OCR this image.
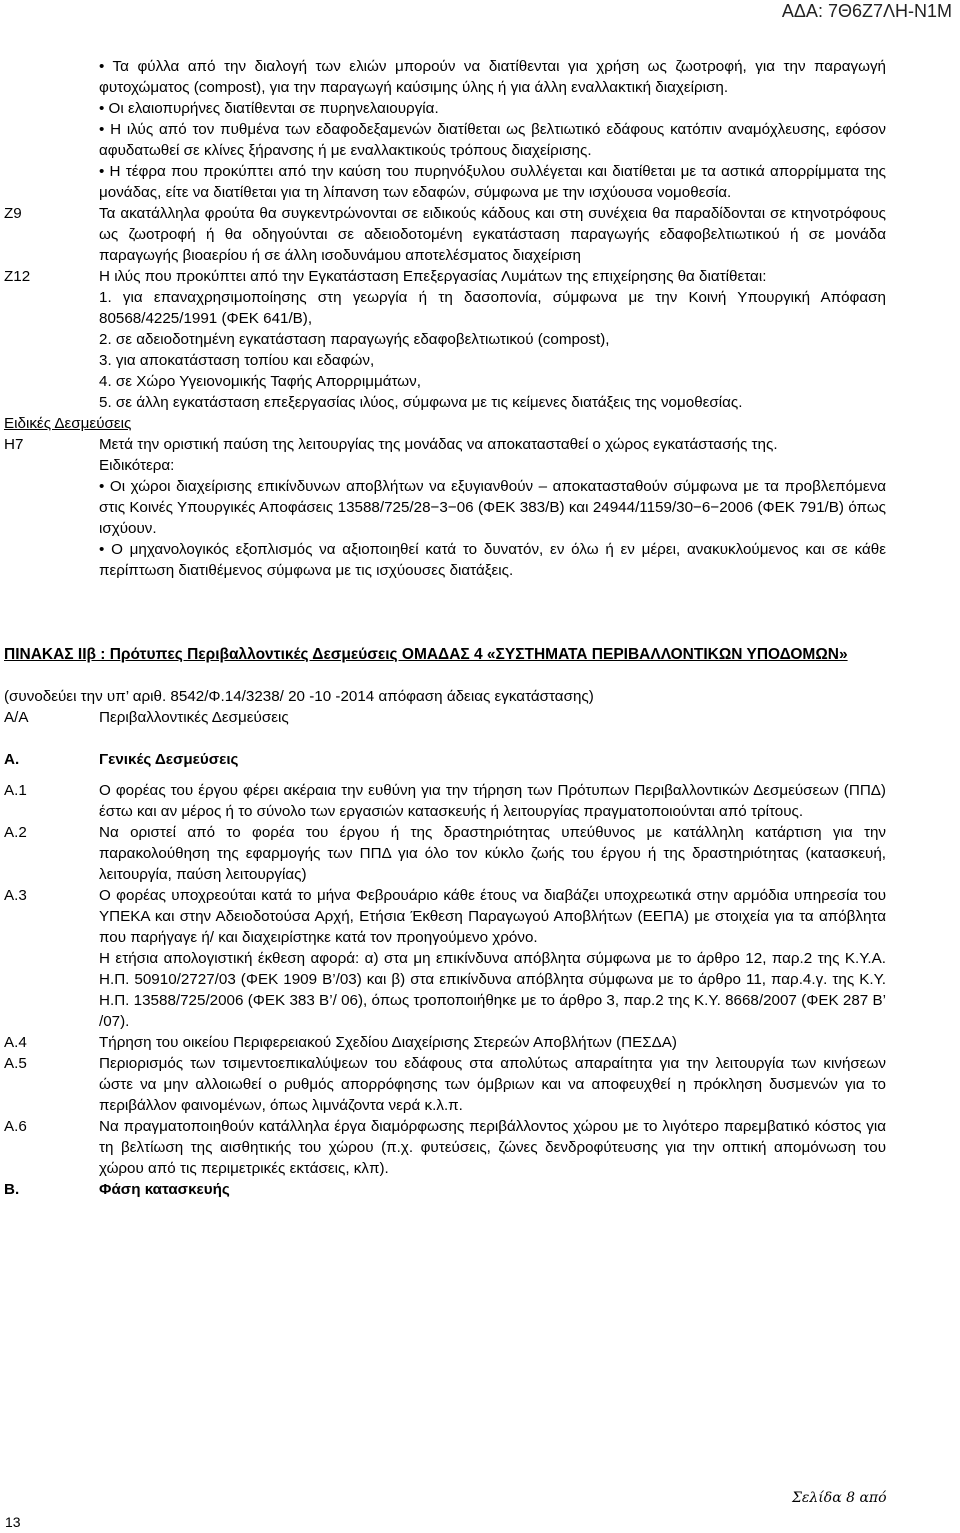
ΑΔΑ: 7Θ6Ζ7ΛΗ-Ν1Μ

• Τα φύλλα από την διαλογή των ελιών μπορούν να διατίθενται για χρήση ως ζωοτροφή, για την παραγωγή φυτοχώματος (compost), για την παραγωγή καύσιμης ύλης ή για άλλη εναλλακτική διαχείριση.

• Οι ελαιοπυρήνες διατίθενται σε πυρηνελαιουργία.

• Η ιλύς από τον πυθμένα των εδαφοδεξαμενών διατίθεται ως βελτιωτικό εδάφους κατόπιν αναμόχλευσης, εφόσον αφυδατωθεί σε κλίνες ξήρανσης ή με εναλλακτικούς τρόπους διαχείρισης.

• Η τέφρα που προκύπτει από την καύση του πυρηνόξυλου συλλέγεται και διατίθεται με τα αστικά απορρίμματα της μονάδας, είτε να διατίθεται για τη λίπανση των εδαφών, σύμφωνα με την ισχύουσα νομοθεσία.

Ζ9	Τα ακατάλληλα φρούτα θα συγκεντρώνονται σε ειδικούς κάδους και στη συνέχεια θα παραδίδονται σε κτηνοτρόφους ως ζωοτροφή ή θα οδηγούνται σε αδειοδοτομένη εγκατάσταση παραγωγής εδαφοβελτιωτικού ή σε μονάδα παραγωγής βιοαερίου ή σε άλλη ισοδυνάμου αποτελέσματος διαχείριση
Ζ12	Η ιλύς που προκύπτει από την Εγκατάσταση Επεξεργασίας Λυμάτων της επιχείρησης θα διατίθεται:

1. για επαναχρησιμοποίησης στη γεωργία ή τη δασοπονία, σύμφωνα με την Κοινή Υπουργική Απόφαση 80568/4225/1991 (ΦΕΚ 641/Β),

2. σε αδειοδοτημένη εγκατάσταση παραγωγής εδαφοβελτιωτικού (compost),

3. για αποκατάσταση τοπίου και εδαφών,

4. σε Χώρο Υγειονομικής Ταφής Απορριμμάτων,

5. σε άλλη εγκατάσταση επεξεργασίας ιλύος, σύμφωνα με τις κείμενες διατάξεις της νομοθεσίας.

Ειδικές Δεσμεύσεις

Η7	Μετά την οριστική παύση της λειτουργίας της μονάδας να αποκατασταθεί ο χώρος εγκατάστασής της.

Ειδικότερα:

• Οι χώροι διαχείρισης επικίνδυνων αποβλήτων να εξυγιανθούν – αποκατασταθούν σύμφωνα με τα προβλεπόμενα στις Κοινές Υπουργικές Αποφάσεις 13588/725/28−3−06 (ΦΕΚ 383/Β) και 24944/1159/30−6−2006 (ΦΕΚ 791/Β) όπως ισχύουν.

• Ο μηχανολογικός εξοπλισμός να αξιοποιηθεί κατά το δυνατόν, εν όλω ή εν μέρει, ανακυκλούμενος και σε κάθε περίπτωση διατιθέμενος σύμφωνα με τις ισχύουσες διατάξεις.

ΠΙΝΑΚΑΣ ΙΙβ : Πρότυπες Περιβαλλοντικές Δεσμεύσεις ΟΜΑΔΑΣ 4 «ΣΥΣΤΗΜΑΤΑ ΠΕΡΙΒΑΛΛΟΝΤΙΚΩΝ ΥΠΟΔΟΜΩΝ»

(συνοδεύει την υπ’ αριθ. 8542/Φ.14/3238/ 20 -10 -2014 απόφαση άδειας εγκατάστασης)

Α/Α	Περιβαλλοντικές Δεσμεύσεις
Α.	Γενικές Δεσμεύσεις
Α.1	Ο φορέας του έργου φέρει ακέραια την ευθύνη για την τήρηση των Πρότυπων Περιβαλλοντικών Δεσμεύσεων (ΠΠΔ) έστω και αν μέρος ή το σύνολο των εργασιών κατασκευής ή λειτουργίας πραγματοποιούνται από τρίτους.
Α.2	Να οριστεί από το φορέα του έργου ή της δραστηριότητας υπεύθυνος με κατάλληλη κατάρτιση για την παρακολούθηση της εφαρμογής των ΠΠΔ για όλο τον κύκλο ζωής του έργου ή της δραστηριότητας (κατασκευή, λειτουργία, παύση λειτουργίας)
Α.3	Ο φορέας υποχρεούται κατά το μήνα Φεβρουάριο κάθε έτους να διαβάζει υποχρεωτικά στην αρμόδια υπηρεσία του ΥΠΕΚΑ και στην Αδειοδοτούσα Αρχή, Ετήσια Έκθεση Παραγωγού Αποβλήτων (ΕΕΠΑ) με στοιχεία για τα απόβλητα που παρήγαγε ή/ και διαχειρίστηκε κατά τον προηγούμενο χρόνο.

Η ετήσια απολογιστική έκθεση αφορά: α) στα μη επικίνδυνα απόβλητα σύμφωνα με το άρθρο 12, παρ.2 της Κ.Υ.Α. Η.Π. 50910/2727/03 (ΦΕΚ 1909 Β’/03) και β) στα επικίνδυνα απόβλητα σύμφωνα με το άρθρο 11, παρ.4.γ. της Κ.Υ. Η.Π. 13588/725/2006 (ΦΕΚ 383 Β’/ 06), όπως τροποποιήθηκε με το άρθρο 3, παρ.2 της Κ.Υ. 8668/2007 (ΦΕΚ 287 Β’ /07).

Α.4	Τήρηση του οικείου Περιφερειακού Σχεδίου Διαχείρισης Στερεών Αποβλήτων (ΠΕΣΔΑ)
Α.5	Περιορισμός των τσιμεντοεπικαλύψεων του εδάφους στα απολύτως απαραίτητα για την λειτουργία των κινήσεων ώστε να μην αλλοιωθεί ο ρυθμός απορρόφησης των όμβριων και να αποφευχθεί η πρόκληση δυσμενών για το περιβάλλον φαινομένων, όπως λιμνάζοντα νερά κ.λ.π.
Α.6	Να πραγματοποιηθούν κατάλληλα έργα διαμόρφωσης περιβάλλοντος χώρου με το λιγότερο παρεμβατικό κόστος για τη βελτίωση της αισθητικής του χώρου (π.χ. φυτεύσεις, ζώνες δενδροφύτευσης για την οπτική απομόνωση του χώρου από τις περιμετρικές εκτάσεις, κλπ).
Β.	Φάση κατασκευής
Σελίδα 8 από
13
